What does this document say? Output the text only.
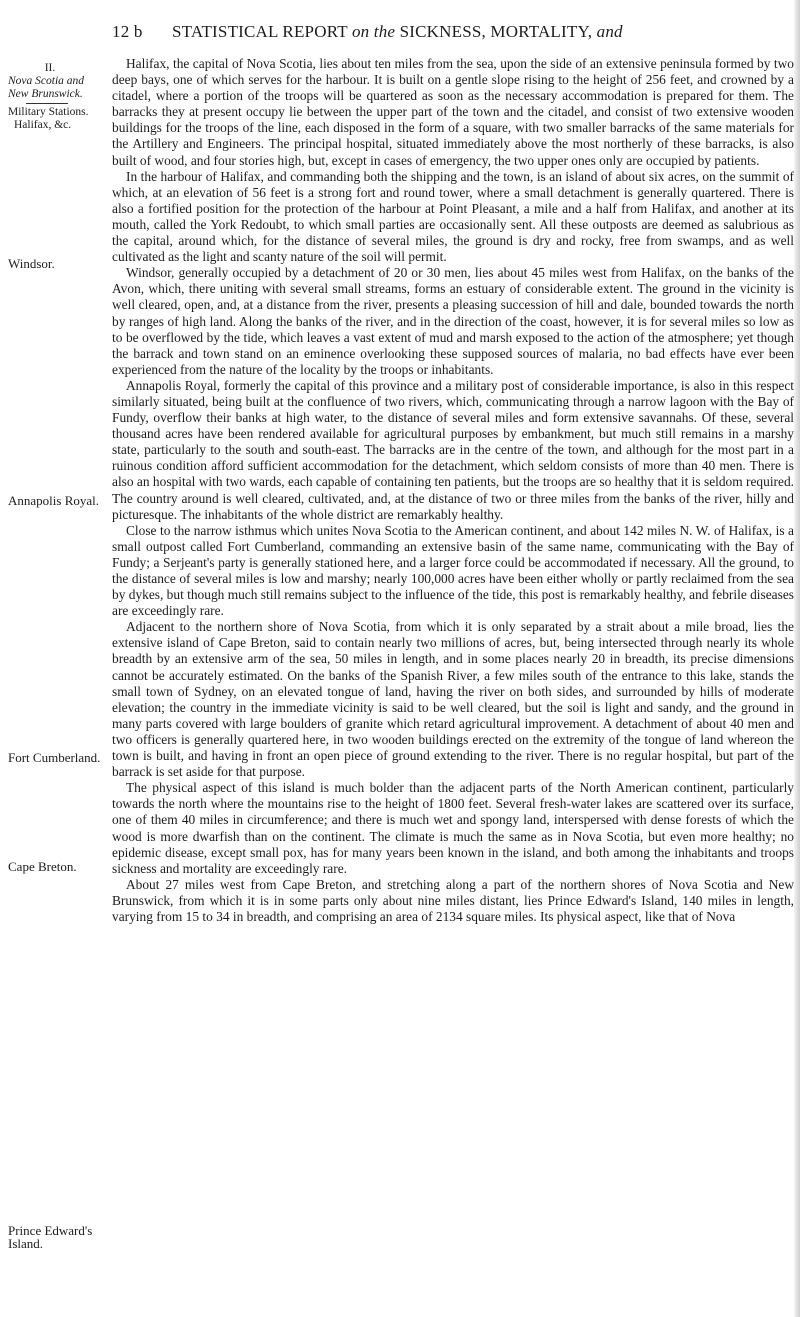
12 b STATISTICAL REPORT on the SICKNESS, MORTALITY, and
II.
Nova Scotia and
New Brunswick.
Military Stations.
Halifax, &c.
Windsor.
Annapolis Royal.
Fort Cumberland.
Cape Breton.
Prince Edward's
Island.

Halifax, the capital of Nova Scotia, lies about ten miles from the sea, upon the side of an extensive peninsula formed by two deep bays, one of which serves for the harbour. It is built on a gentle slope rising to the height of 256 feet, and crowned by a citadel, where a portion of the troops will be quartered as soon as the necessary accommodation is prepared for them. The barracks they at present occupy lie between the upper part of the town and the citadel, and consist of two extensive wooden buildings for the troops of the line, each disposed in the form of a square, with two smaller barracks of the same materials for the Artillery and Engineers. The principal hospital, situated immediately above the most northerly of these barracks, is also built of wood, and four stories high, but, except in cases of emergency, the two upper ones only are occupied by patients.

In the harbour of Halifax, and commanding both the shipping and the town, is an island of about six acres, on the summit of which, at an elevation of 56 feet is a strong fort and round tower, where a small detachment is generally quartered. There is also a fortified position for the protection of the harbour at Point Pleasant, a mile and a half from Halifax, and another at its mouth, called the York Redoubt, to which small parties are occasionally sent. All these outposts are deemed as salubrious as the capital, around which, for the distance of several miles, the ground is dry and rocky, free from swamps, and as well cultivated as the light and scanty nature of the soil will permit.

Windsor, generally occupied by a detachment of 20 or 30 men, lies about 45 miles west from Halifax, on the banks of the Avon, which, there uniting with several small streams, forms an estuary of considerable extent. The ground in the vicinity is well cleared, open, and, at a distance from the river, presents a pleasing succession of hill and dale, bounded towards the north by ranges of high land. Along the banks of the river, and in the direction of the coast, however, it is for several miles so low as to be overflowed by the tide, which leaves a vast extent of mud and marsh exposed to the action of the atmosphere; yet though the barrack and town stand on an eminence overlooking these supposed sources of malaria, no bad effects have ever been experienced from the nature of the locality by the troops or inhabitants.

Annapolis Royal, formerly the capital of this province and a military post of considerable importance, is also in this respect similarly situated, being built at the confluence of two rivers, which, communicating through a narrow lagoon with the Bay of Fundy, overflow their banks at high water, to the distance of several miles and form extensive savannahs. Of these, several thousand acres have been rendered available for agricultural purposes by embankment, but much still remains in a marshy state, particularly to the south and south-east. The barracks are in the centre of the town, and although for the most part in a ruinous condition afford sufficient accommodation for the detachment, which seldom consists of more than 40 men. There is also an hospital with two wards, each capable of containing ten patients, but the troops are so healthy that it is seldom required. The country around is well cleared, cultivated, and, at the distance of two or three miles from the banks of the river, hilly and picturesque. The inhabitants of the whole district are remarkably healthy.

Close to the narrow isthmus which unites Nova Scotia to the American continent, and about 142 miles N. W. of Halifax, is a small outpost called Fort Cumberland, commanding an extensive basin of the same name, communicating with the Bay of Fundy; a Serjeant's party is generally stationed here, and a larger force could be accommodated if necessary. All the ground, to the distance of several miles is low and marshy; nearly 100,000 acres have been either wholly or partly reclaimed from the sea by dykes, but though much still remains subject to the influence of the tide, this post is remarkably healthy, and febrile diseases are exceedingly rare.

Adjacent to the northern shore of Nova Scotia, from which it is only separated by a strait about a mile broad, lies the extensive island of Cape Breton, said to contain nearly two millions of acres, but, being intersected through nearly its whole breadth by an extensive arm of the sea, 50 miles in length, and in some places nearly 20 in breadth, its precise dimensions cannot be accurately estimated. On the banks of the Spanish River, a few miles south of the entrance to this lake, stands the small town of Sydney, on an elevated tongue of land, having the river on both sides, and surrounded by hills of moderate elevation; the country in the immediate vicinity is said to be well cleared, but the soil is light and sandy, and the ground in many parts covered with large boulders of granite which retard agricultural improvement. A detachment of about 40 men and two officers is generally quartered here, in two wooden buildings erected on the extremity of the tongue of land whereon the town is built, and having in front an open piece of ground extending to the river. There is no regular hospital, but part of the barrack is set aside for that purpose.

The physical aspect of this island is much bolder than the adjacent parts of the North American continent, particularly towards the north where the mountains rise to the height of 1800 feet. Several fresh-water lakes are scattered over its surface, one of them 40 miles in circumference; and there is much wet and spongy land, interspersed with dense forests of which the wood is more dwarfish than on the continent. The climate is much the same as in Nova Scotia, but even more healthy; no epidemic disease, except small pox, has for many years been known in the island, and both among the inhabitants and troops sickness and mortality are exceedingly rare.

About 27 miles west from Cape Breton, and stretching along a part of the northern shores of Nova Scotia and New Brunswick, from which it is in some parts only about nine miles distant, lies Prince Edward's Island, 140 miles in length, varying from 15 to 34 in breadth, and comprising an area of 2134 square miles. Its physical aspect, like that of Nova
